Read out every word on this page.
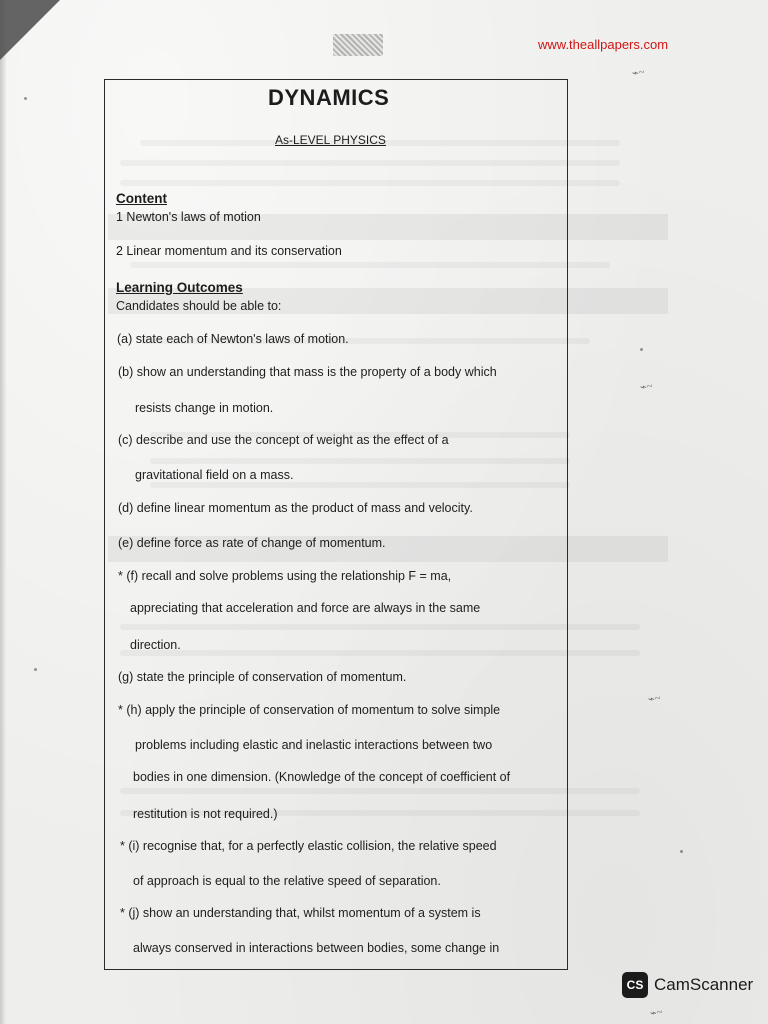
⌁~
⌁~
⌁~
⌁~
www.theallpapers.com
DYNAMICS
As-LEVEL PHYSICS
Content
1 Newton's laws of motion
2 Linear momentum and its conservation
Learning Outcomes
Candidates should be able to:
(a) state each of Newton's laws of motion.
(b) show an understanding that mass is the property of a body which
resists change in motion.
(c) describe and use the concept of weight as the effect of a
gravitational field on a mass.
(d) define linear momentum as the product of mass and velocity.
(e) define force as rate of change of momentum.
* (f) recall and solve problems using the relationship F = ma,
appreciating that acceleration and force are always in the same
direction.
(g) state the principle of conservation of momentum.
* (h) apply the principle of conservation of momentum to solve simple
problems including elastic and inelastic interactions between two
bodies in one dimension. (Knowledge of the concept of coefficient of
restitution is not required.)
* (i) recognise that, for a perfectly elastic collision, the relative speed
of approach is equal to the relative speed of separation.
* (j) show an understanding that, whilst momentum of a system is
always conserved in interactions between bodies, some change in
CS CamScanner
